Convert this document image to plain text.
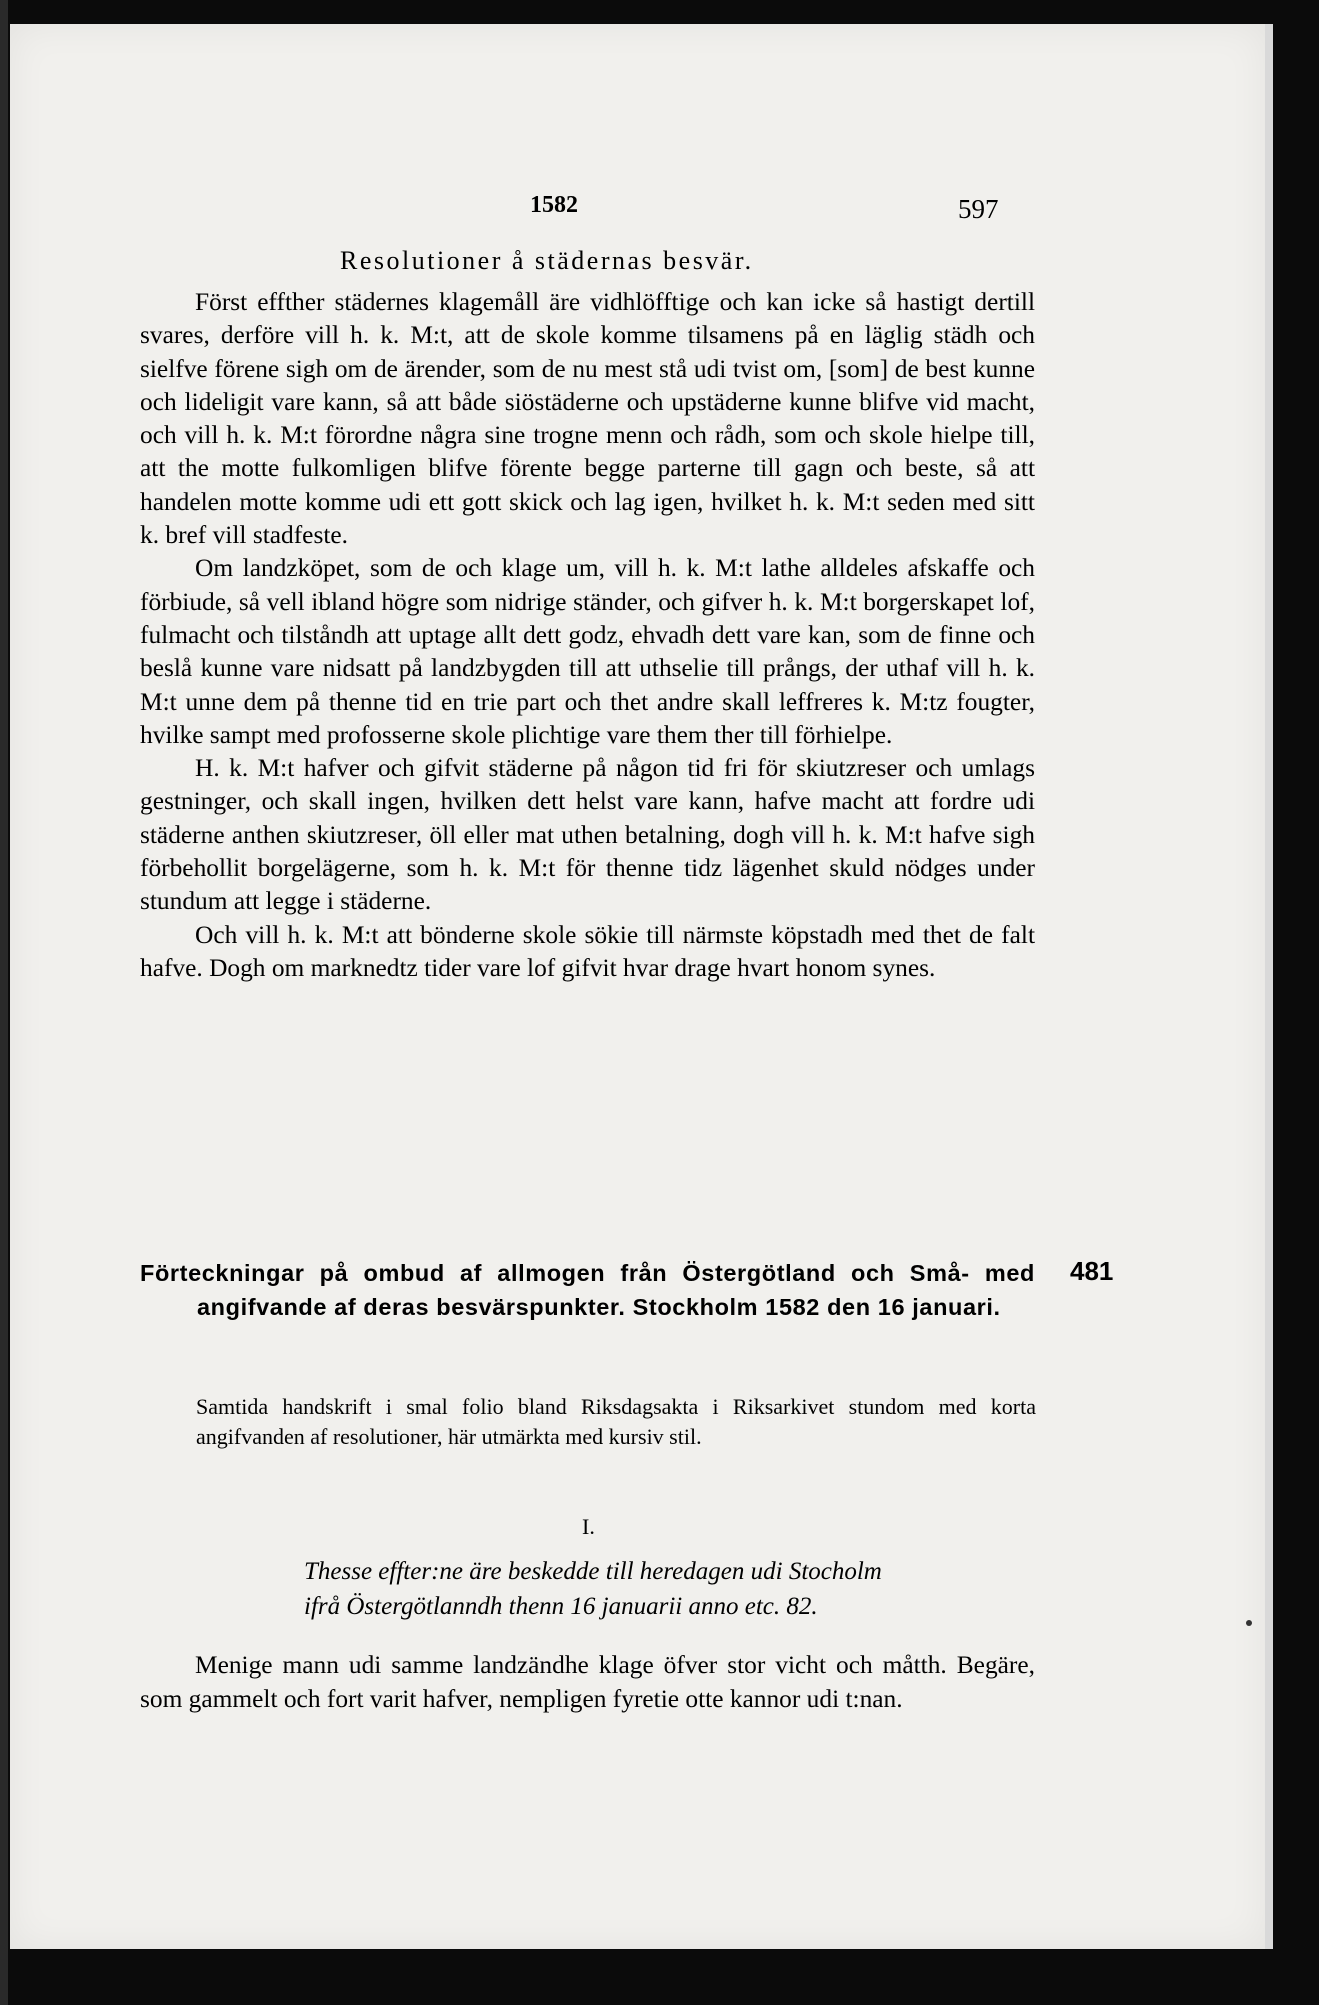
1582	597
Resolutioner å städernas besvär.

Först effther städernes klagemåll äre vidhlöfftige och kan icke så hastigt dertill svares, derföre vill h. k. M:t, att de skole komme tilsamens på en läglig städh och sielfve förene sigh om de ärender, som de nu mest stå udi tvist om, [som] de best kunne och lideligit vare kann, så att både siöstäderne och upstäderne kunne blifve vid macht, och vill h. k. M:t förordne några sine trogne menn och rådh, som och skole hielpe till, att the motte fulkomligen blifve förente begge parterne till gagn och beste, så att handelen motte komme udi ett gott skick och lag igen, hvilket h. k. M:t seden med sitt k. bref vill stadfeste.

Om landzköpet, som de och klage um, vill h. k. M:t lathe alldeles afskaffe och förbiude, så vell ibland högre som nidrige ständer, och gifver h. k. M:t borgerskapet lof, fulmacht och tilståndh att uptage allt dett godz, ehvadh dett vare kan, som de finne och beslå kunne vare nidsatt på landzbygden till att uthselie till prångs, der uthaf vill h. k. M:t unne dem på thenne tid en trie part och thet andre skall leffreres k. M:tz fougter, hvilke sampt med profosserne skole plichtige vare them ther till förhielpe.

H. k. M:t hafver och gifvit städerne på någon tid fri för skiutzreser och umlags gestninger, och skall ingen, hvilken dett helst vare kann, hafve macht att fordre udi städerne anthen skiutzreser, öll eller mat uthen betalning, dogh vill h. k. M:t hafve sigh förbehollit borgelägerne, som h. k. M:t för thenne tidz lägenhet skuld nödges under stundum att legge i städerne.

Och vill h. k. M:t att bönderne skole sökie till närmste köpstadh med thet de falt hafve. Dogh om marknedtz tider vare lof gifvit hvar drage hvart honom synes.

Förteckningar på ombud af allmogen från Östergötland och Små- med angifvande af deras besvärspunkter. Stockholm 1582 den 16 januari.
481
Samtida handskrift i smal folio bland Riksdagsakta i Riksarkivet stundom med korta angifvanden af resolutioner, här utmärkta med kursiv stil.
I.
Thesse effter:ne äre beskedde till heredagen udi Stocholm
ifrå Östergötlanndh thenn 16 januarii anno etc. 82.

Menige mann udi samme landzändhe klage öfver stor vicht och måtth. Begäre, som gammelt och fort varit hafver, nempligen fyretie otte kannor udi t:nan.
